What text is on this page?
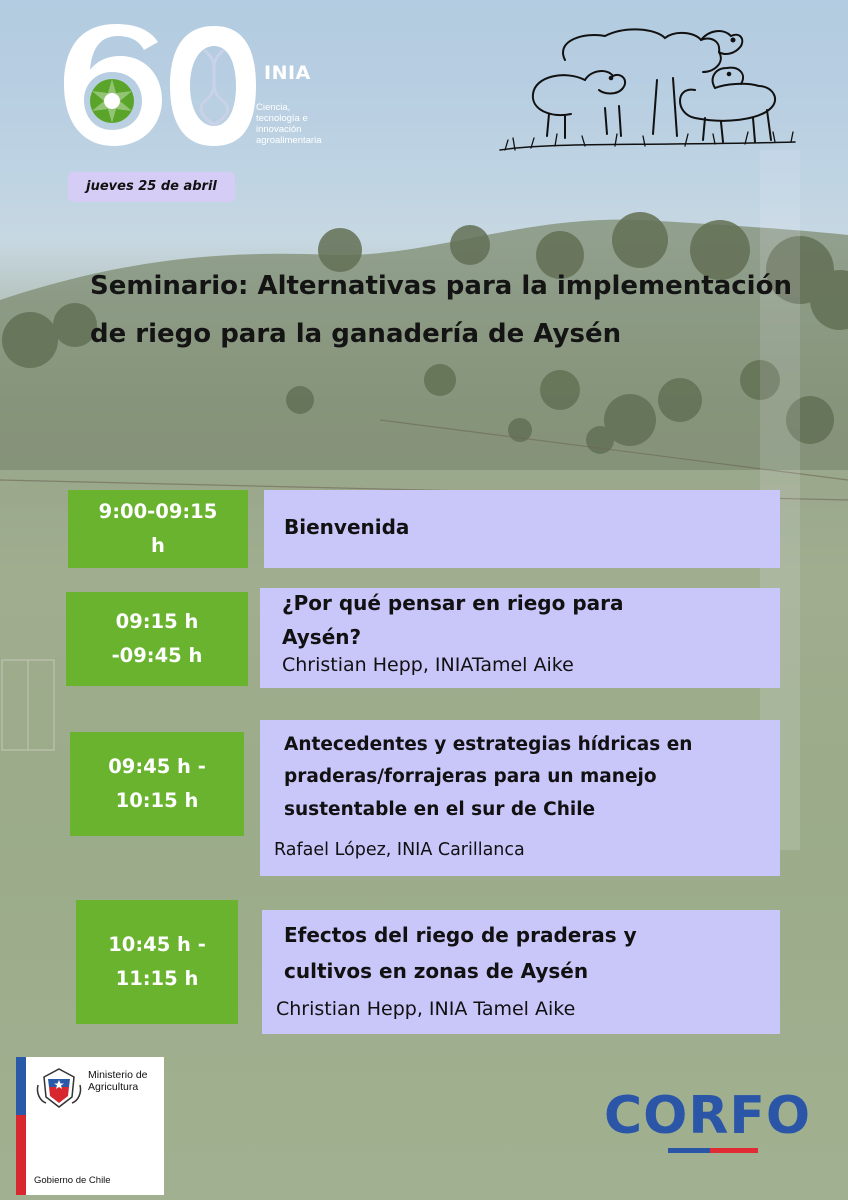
INIA
Ciencia,
tecnología e
innovación
agroalimentaria
jueves 25 de abril
Seminario: Alternativas para la implementación de riego para la ganadería de Aysén
9:00-09:15
h
Bienvenida
09:15 h
-09:45 h
¿Por qué pensar en riego para
Aysén?
Christian Hepp, INIATamel Aike
09:45 h -
10:15 h
Antecedentes y estrategias hídricas en
praderas/forrajeras para un manejo
sustentable en el sur de Chile
Rafael López, INIA Carillanca
10:45 h -
11:15 h
Efectos del riego de praderas y
cultivos en zonas de Aysén
Christian Hepp, INIA Tamel Aike
Ministerio de Agricultura
Gobierno de Chile
CORFO
